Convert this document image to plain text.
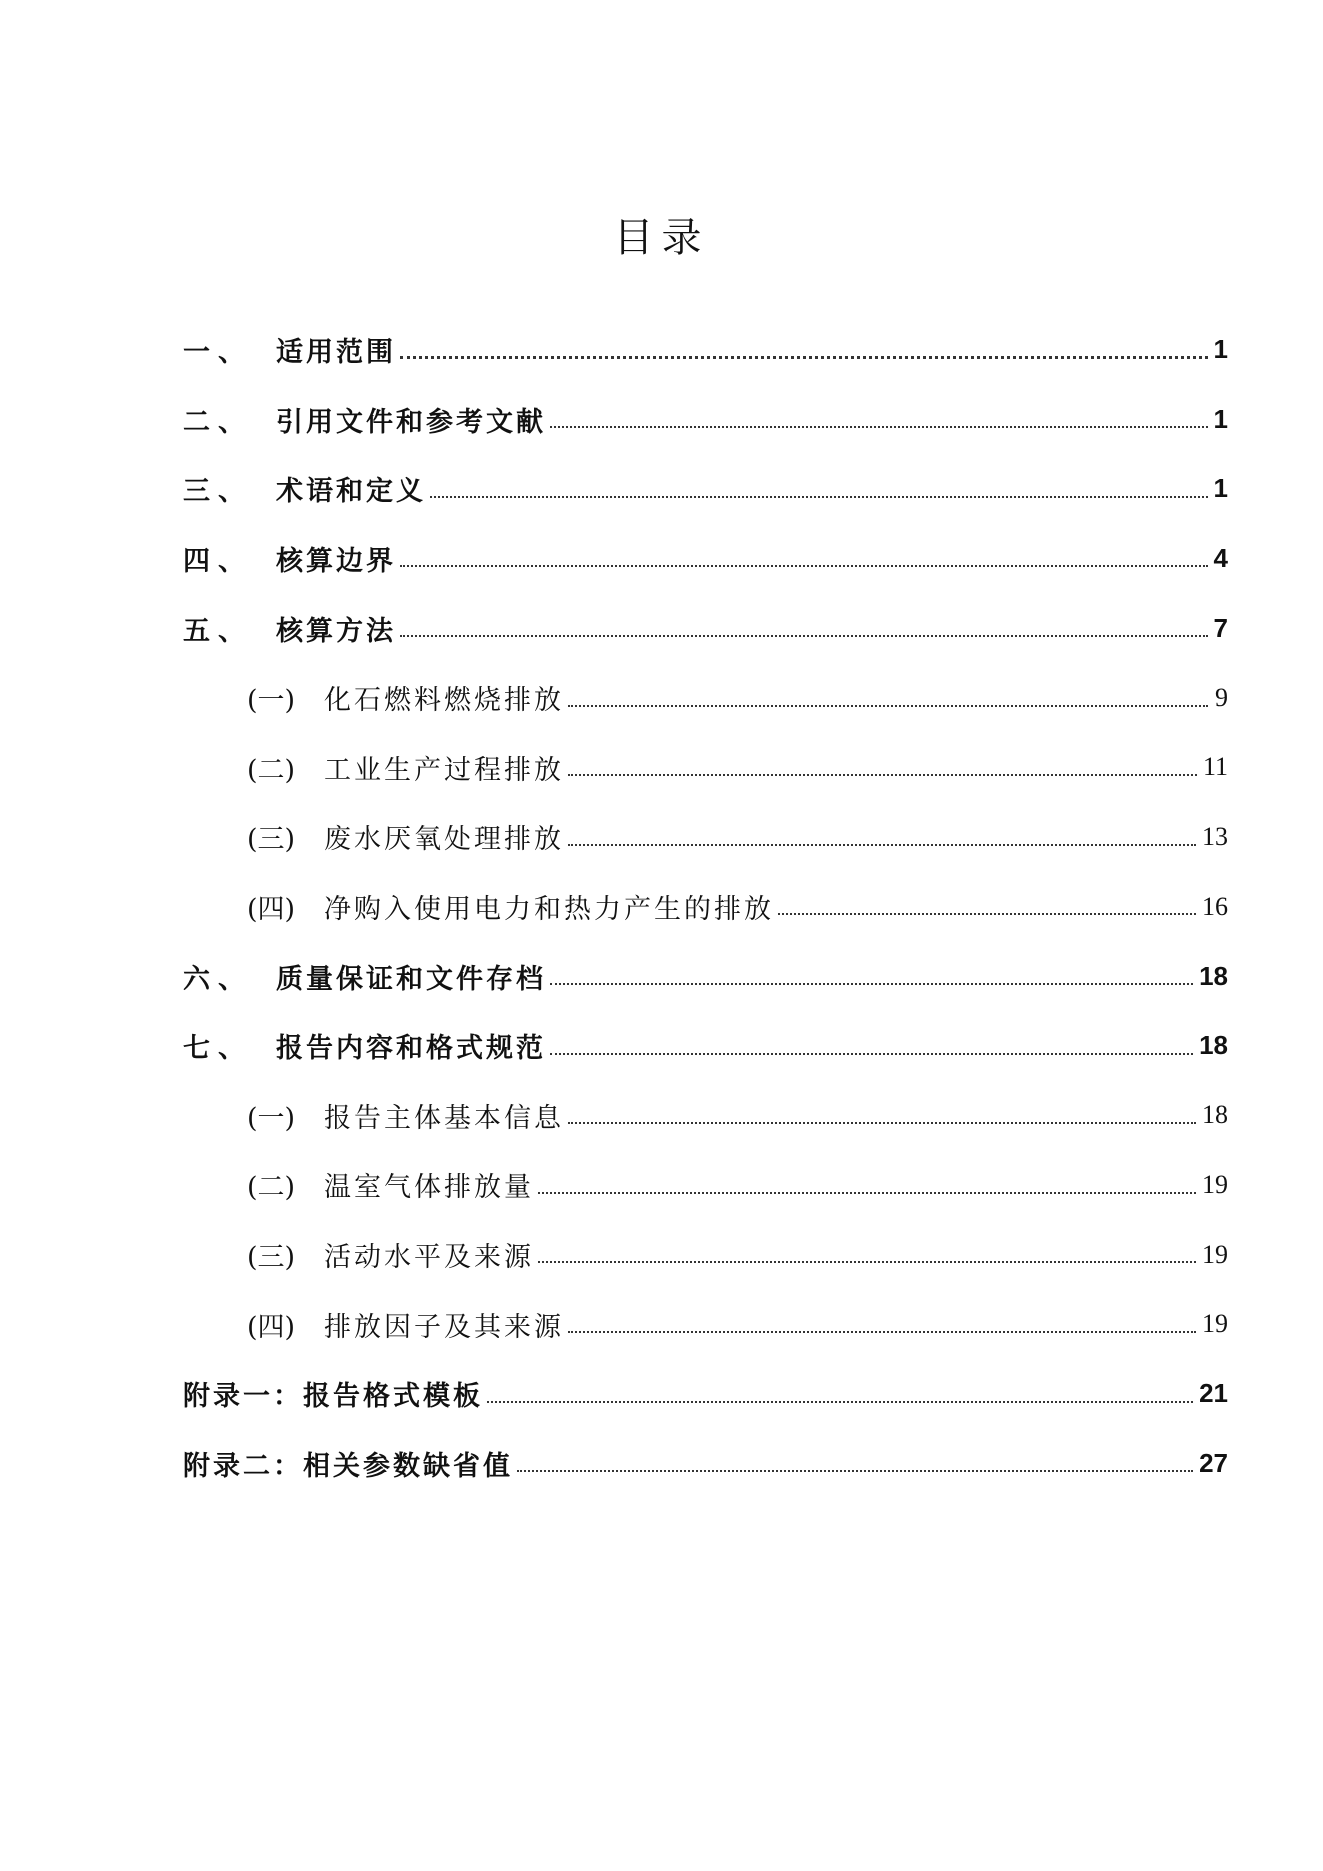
目录
一、 适用范围	1
二、 引用文件和参考文献	1
三、 术语和定义	1
四、 核算边界	4
五、 核算方法	7
(一)	化石燃料燃烧排放	9
(二)	工业生产过程排放	11
(三)	废水厌氧处理排放	13
(四)	净购入使用电力和热力产生的排放	16
六、 质量保证和文件存档	18
七、 报告内容和格式规范	18
(一)	报告主体基本信息	18
(二)	温室气体排放量	19
(三)	活动水平及来源	19
(四)	排放因子及其来源	19
附录一：报告格式模板	21
附录二：相关参数缺省值	27
